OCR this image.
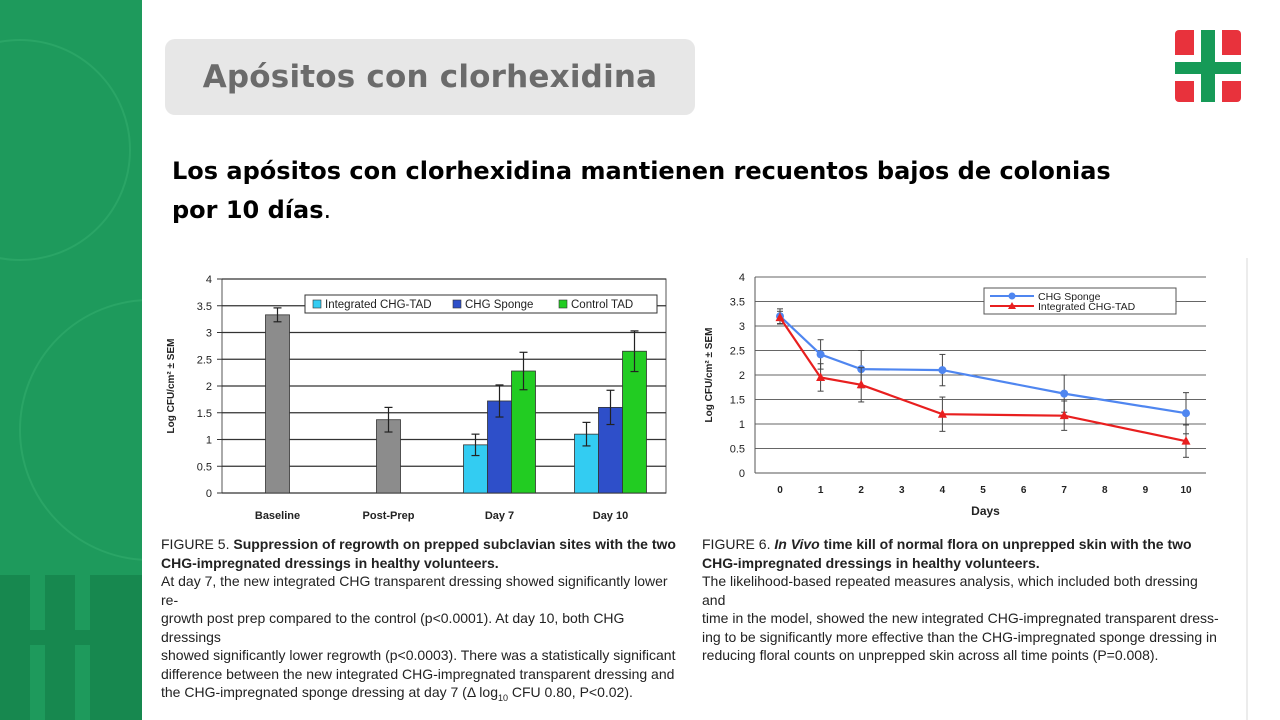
Apósitos con clorhexidina
Los apósitos con clorhexidina mantienen recuentos bajos de colonias por 10 días.
0
0.5
1
1.5
2
2.5
3
3.5
4
Log CFU/cm² ± SEM
Baseline	Post-Prep	Day 7	Day 10
Integrated CHG-TAD	CHG Sponge	Control TAD
0
0.5
1
1.5
2
2.5
3
3.5
4
0	1	2	3	4	5	6	7	8	9	10
Days
Log CFU/cm² ± SEM
CHG Sponge
Integrated CHG-TAD
FIGURE 5. Suppression of regrowth on prepped subclavian sites with the two CHG-impregnated dressings in healthy volunteers.
At day 7, the new integrated CHG transparent dressing showed significantly lower re-
growth post prep compared to the control (p<0.0001). At day 10, both CHG dressings
showed significantly lower regrowth (p<0.0003). There was a statistically significant
difference between the new integrated CHG-impregnated transparent dressing and
the CHG-impregnated sponge dressing at day 7 (Δ $\log_{10}$ CFU 0.80, P<0.02).
FIGURE 6. In Vivo time kill of normal flora on unprepped skin with the two CHG-impregnated dressings in healthy volunteers.
The likelihood-based repeated measures analysis, which included both dressing and
time in the model, showed the new integrated CHG-impregnated transparent dress-
ing to be significantly more effective than the CHG-impregnated sponge dressing in
reducing floral counts on unprepped skin across all time points (P=0.008).
